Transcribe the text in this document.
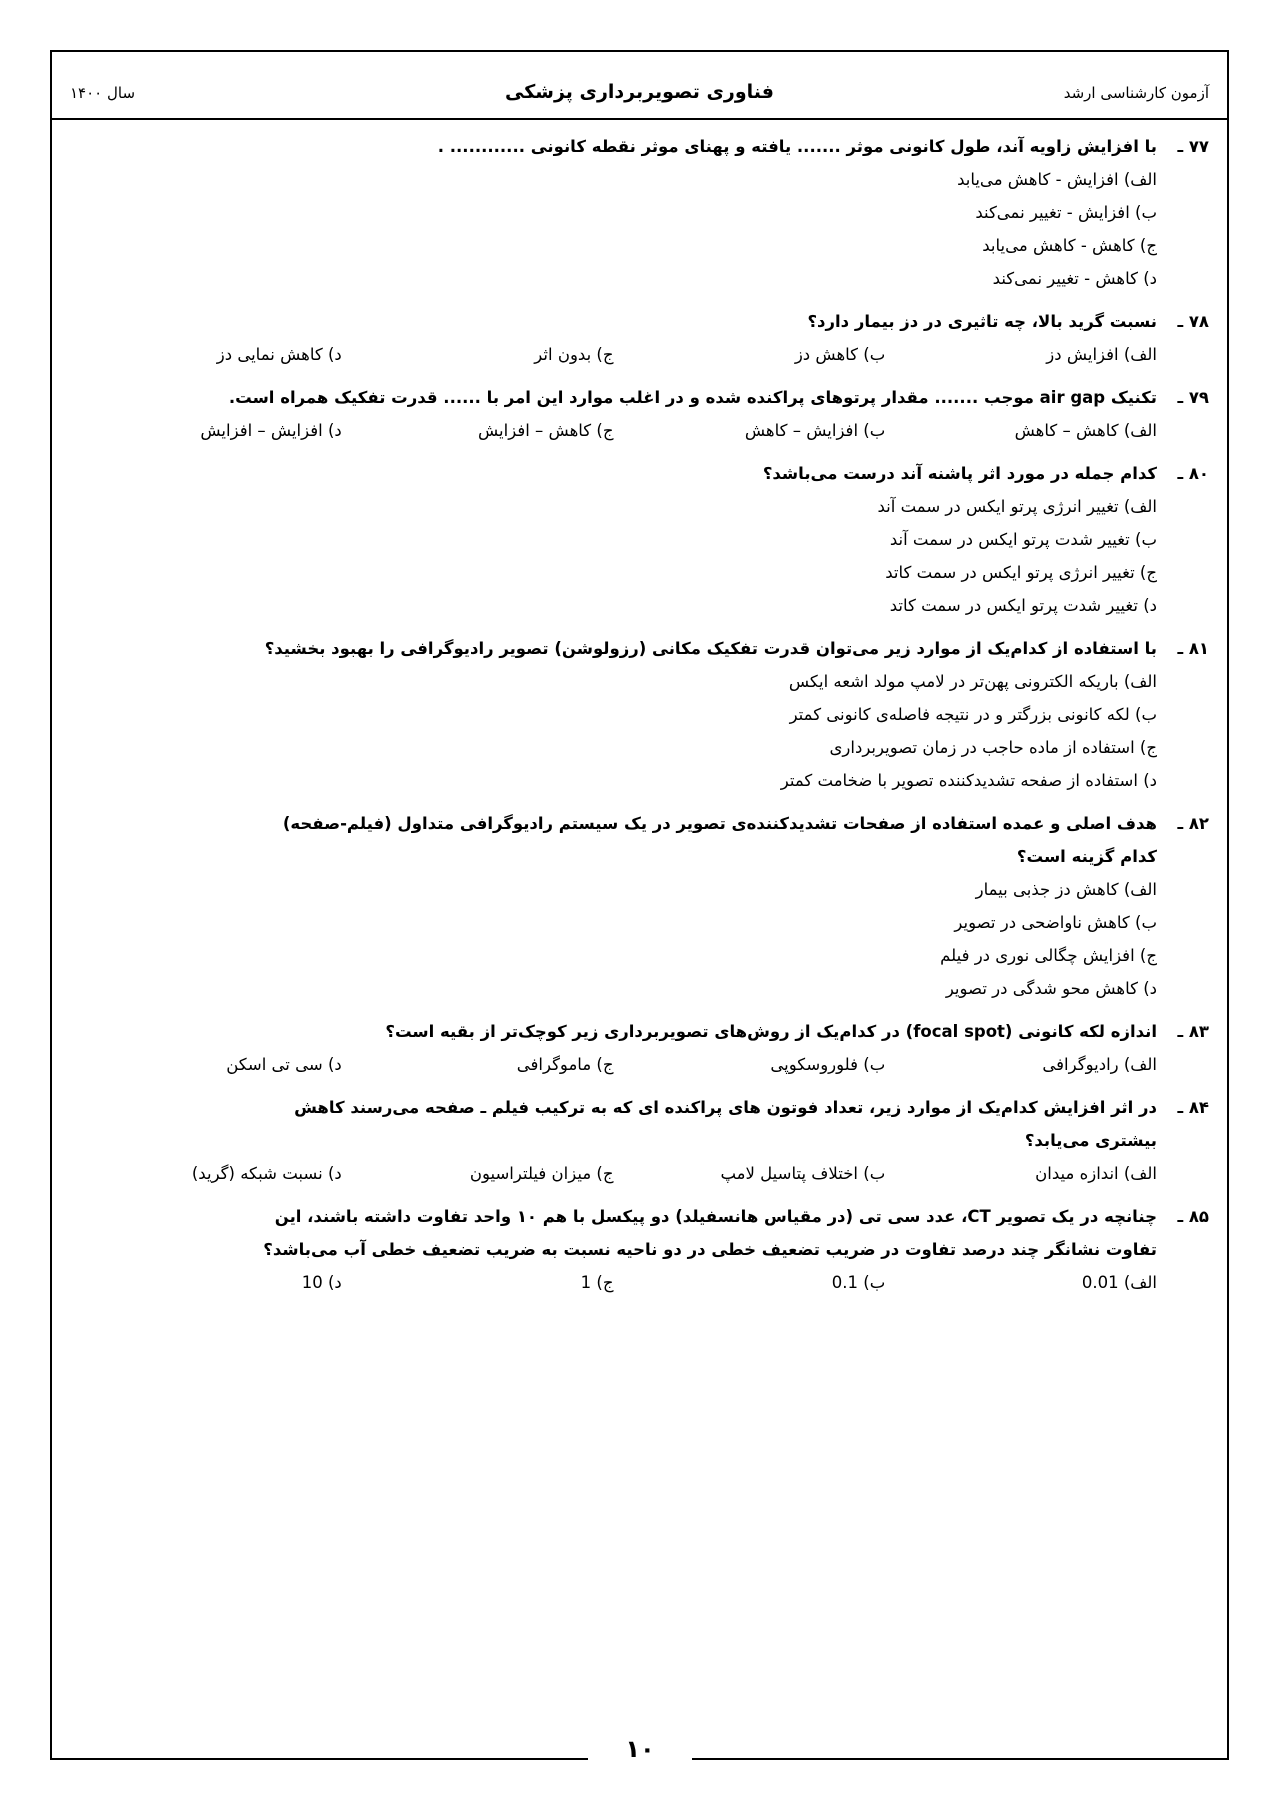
آزمون کارشناسی ارشد
فناوری تصویربرداری پزشکی
سال ۱۴۰۰
۷۷ ـ
با افزایش زاویه آند، طول کانونی موثر ....... یافته و پهنای موثر نقطه کانونی ............ .
الف) افزایش - کاهش می‌یابد
ب) افزایش - تغییر نمی‌کند
ج) کاهش - کاهش می‌یابد
د) کاهش - تغییر نمی‌کند
۷۸ ـ
نسبت گرید بالا، چه تاثیری در دز بیمار دارد؟
الف) افزایش دز
ب) کاهش دز
ج) بدون اثر
د) کاهش نمایی دز
۷۹ ـ
تکنیک air gap موجب ....... مقدار پرتوهای پراکنده شده و در اغلب موارد این امر با ...... قدرت تفکیک همراه است.
الف) کاهش – کاهش
ب) افزایش – کاهش
ج) کاهش – افزایش
د) افزایش – افزایش
۸۰ ـ
کدام جمله در مورد اثر پاشنه آند درست می‌باشد؟
الف) تغییر انرژی پرتو ایکس در سمت آند
ب) تغییر شدت پرتو ایکس در سمت آند
ج) تغییر انرژی پرتو ایکس در سمت کاتد
د) تغییر شدت پرتو ایکس در سمت کاتد
۸۱ ـ
با استفاده از کدام‌یک از موارد زیر می‌توان قدرت تفکیک مکانی (رزولوشن) تصویر رادیوگرافی را بهبود بخشید؟
الف) باریکه الکترونی پهن‌تر در لامپ مولد اشعه ایکس
ب) لکه کانونی بزرگتر و در نتیجه فاصله‌ی کانونی کمتر
ج) استفاده از ماده حاجب در زمان تصویربرداری
د) استفاده از صفحه تشدیدکننده تصویر با ضخامت کمتر
۸۲ ـ
هدف اصلی و عمده استفاده از صفحات تشدیدکننده‌ی تصویر در یک سیستم رادیوگرافی متداول (فیلم-صفحه)
کدام گزینه است؟
الف) کاهش دز جذبی بیمار
ب) کاهش ناواضحی در تصویر
ج) افزایش چگالی نوری در فیلم
د) کاهش محو شدگی در تصویر
۸۳ ـ
اندازه لکه کانونی (focal spot) در کدام‌یک از روش‌های تصویربرداری زیر کوچک‌تر از بقیه است؟
الف) رادیوگرافی
ب) فلوروسکوپی
ج) ماموگرافی
د) سی تی اسکن
۸۴ ـ
در اثر افزایش کدام‌یک از موارد زیر، تعداد فوتون های پراکنده ای که به ترکیب فیلم ـ صفحه می‌رسند کاهش
بیشتری می‌یابد؟
الف) اندازه میدان
ب) اختلاف پتاسیل لامپ
ج) میزان فیلتراسیون
د) نسبت شبکه (گرید)
۸۵ ـ
چنانچه در یک تصویر CT، عدد سی تی (در مقیاس هانسفیلد) دو پیکسل با هم ۱۰ واحد تفاوت داشته باشند، این
تفاوت نشانگر چند درصد تفاوت در ضریب تضعیف خطی در دو ناحیه نسبت به ضریب تضعیف خطی آب می‌باشد؟
الف) 0.01
ب) 0.1
ج) 1
د) 10
۱۰
